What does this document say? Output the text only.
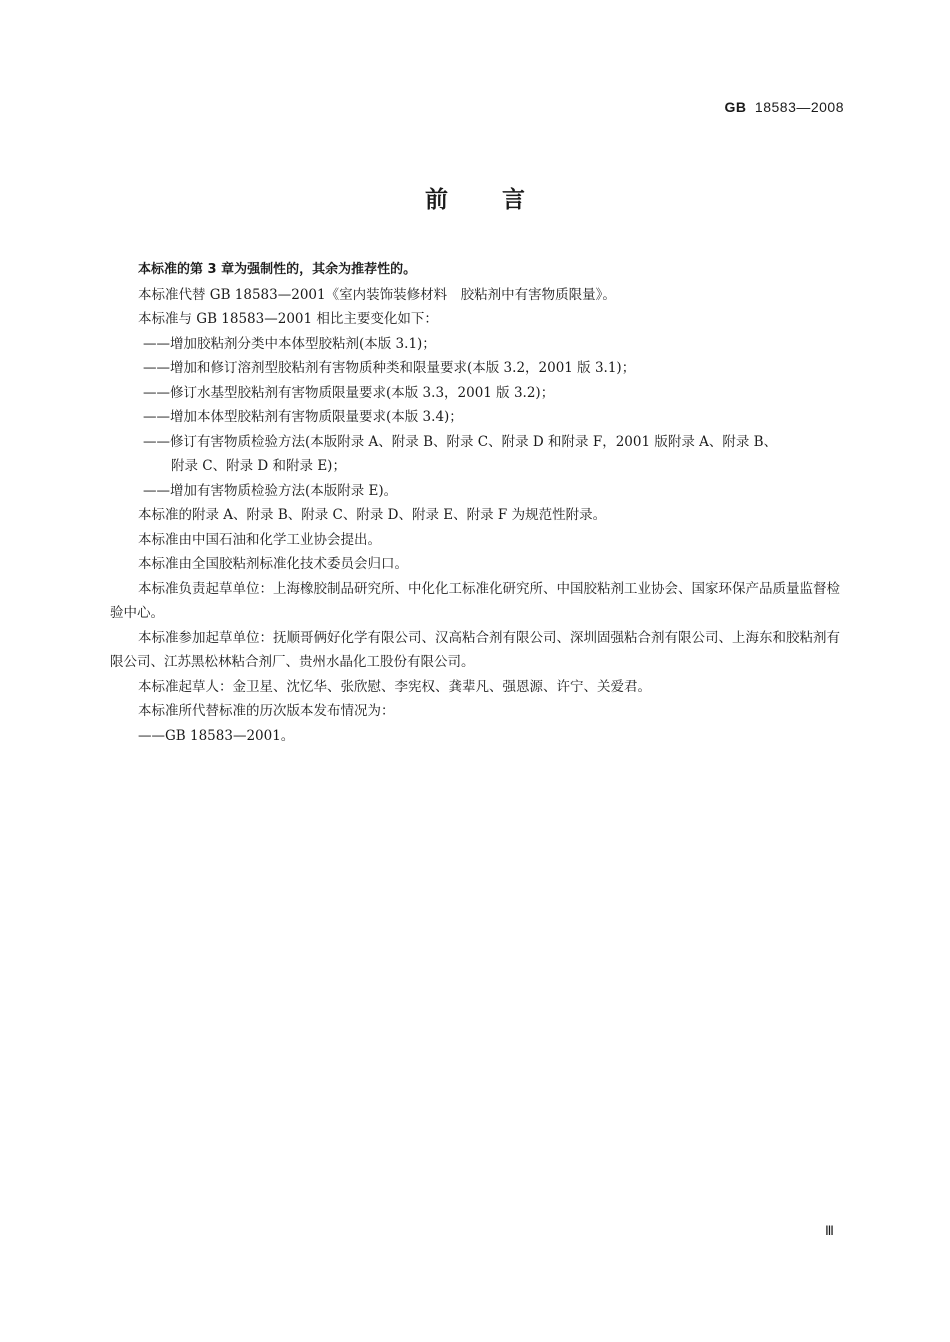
GB 18583—2008
前言

本标准的第 3 章为强制性的，其余为推荐性的。

本标准代替 GB 18583—2001《室内装饰装修材料　胶粘剂中有害物质限量》。

本标准与 GB 18583—2001 相比主要变化如下：

——增加胶粘剂分类中本体型胶粘剂(本版 3.1)；

——增加和修订溶剂型胶粘剂有害物质种类和限量要求(本版 3.2，2001 版 3.1)；

——修订水基型胶粘剂有害物质限量要求(本版 3.3，2001 版 3.2)；

——增加本体型胶粘剂有害物质限量要求(本版 3.4)；

——修订有害物质检验方法(本版附录 A、附录 B、附录 C、附录 D 和附录 F，2001 版附录 A、附录 B、

附录 C、附录 D 和附录 E)；

——增加有害物质检验方法(本版附录 E)。

本标准的附录 A、附录 B、附录 C、附录 D、附录 E、附录 F 为规范性附录。

本标准由中国石油和化学工业协会提出。

本标准由全国胶粘剂标准化技术委员会归口。

本标准负责起草单位：上海橡胶制品研究所、中化化工标准化研究所、中国胶粘剂工业协会、国家环保产品质量监督检验中心。

本标准参加起草单位：抚顺哥俩好化学有限公司、汉高粘合剂有限公司、深圳固强粘合剂有限公司、上海东和胶粘剂有限公司、江苏黑松林粘合剂厂、贵州水晶化工股份有限公司。

本标准起草人：金卫星、沈忆华、张欣慰、李宪权、龚辈凡、强恩源、许宁、关爱君。

本标准所代替标准的历次版本发布情况为：

——GB 18583—2001。

Ⅲ
